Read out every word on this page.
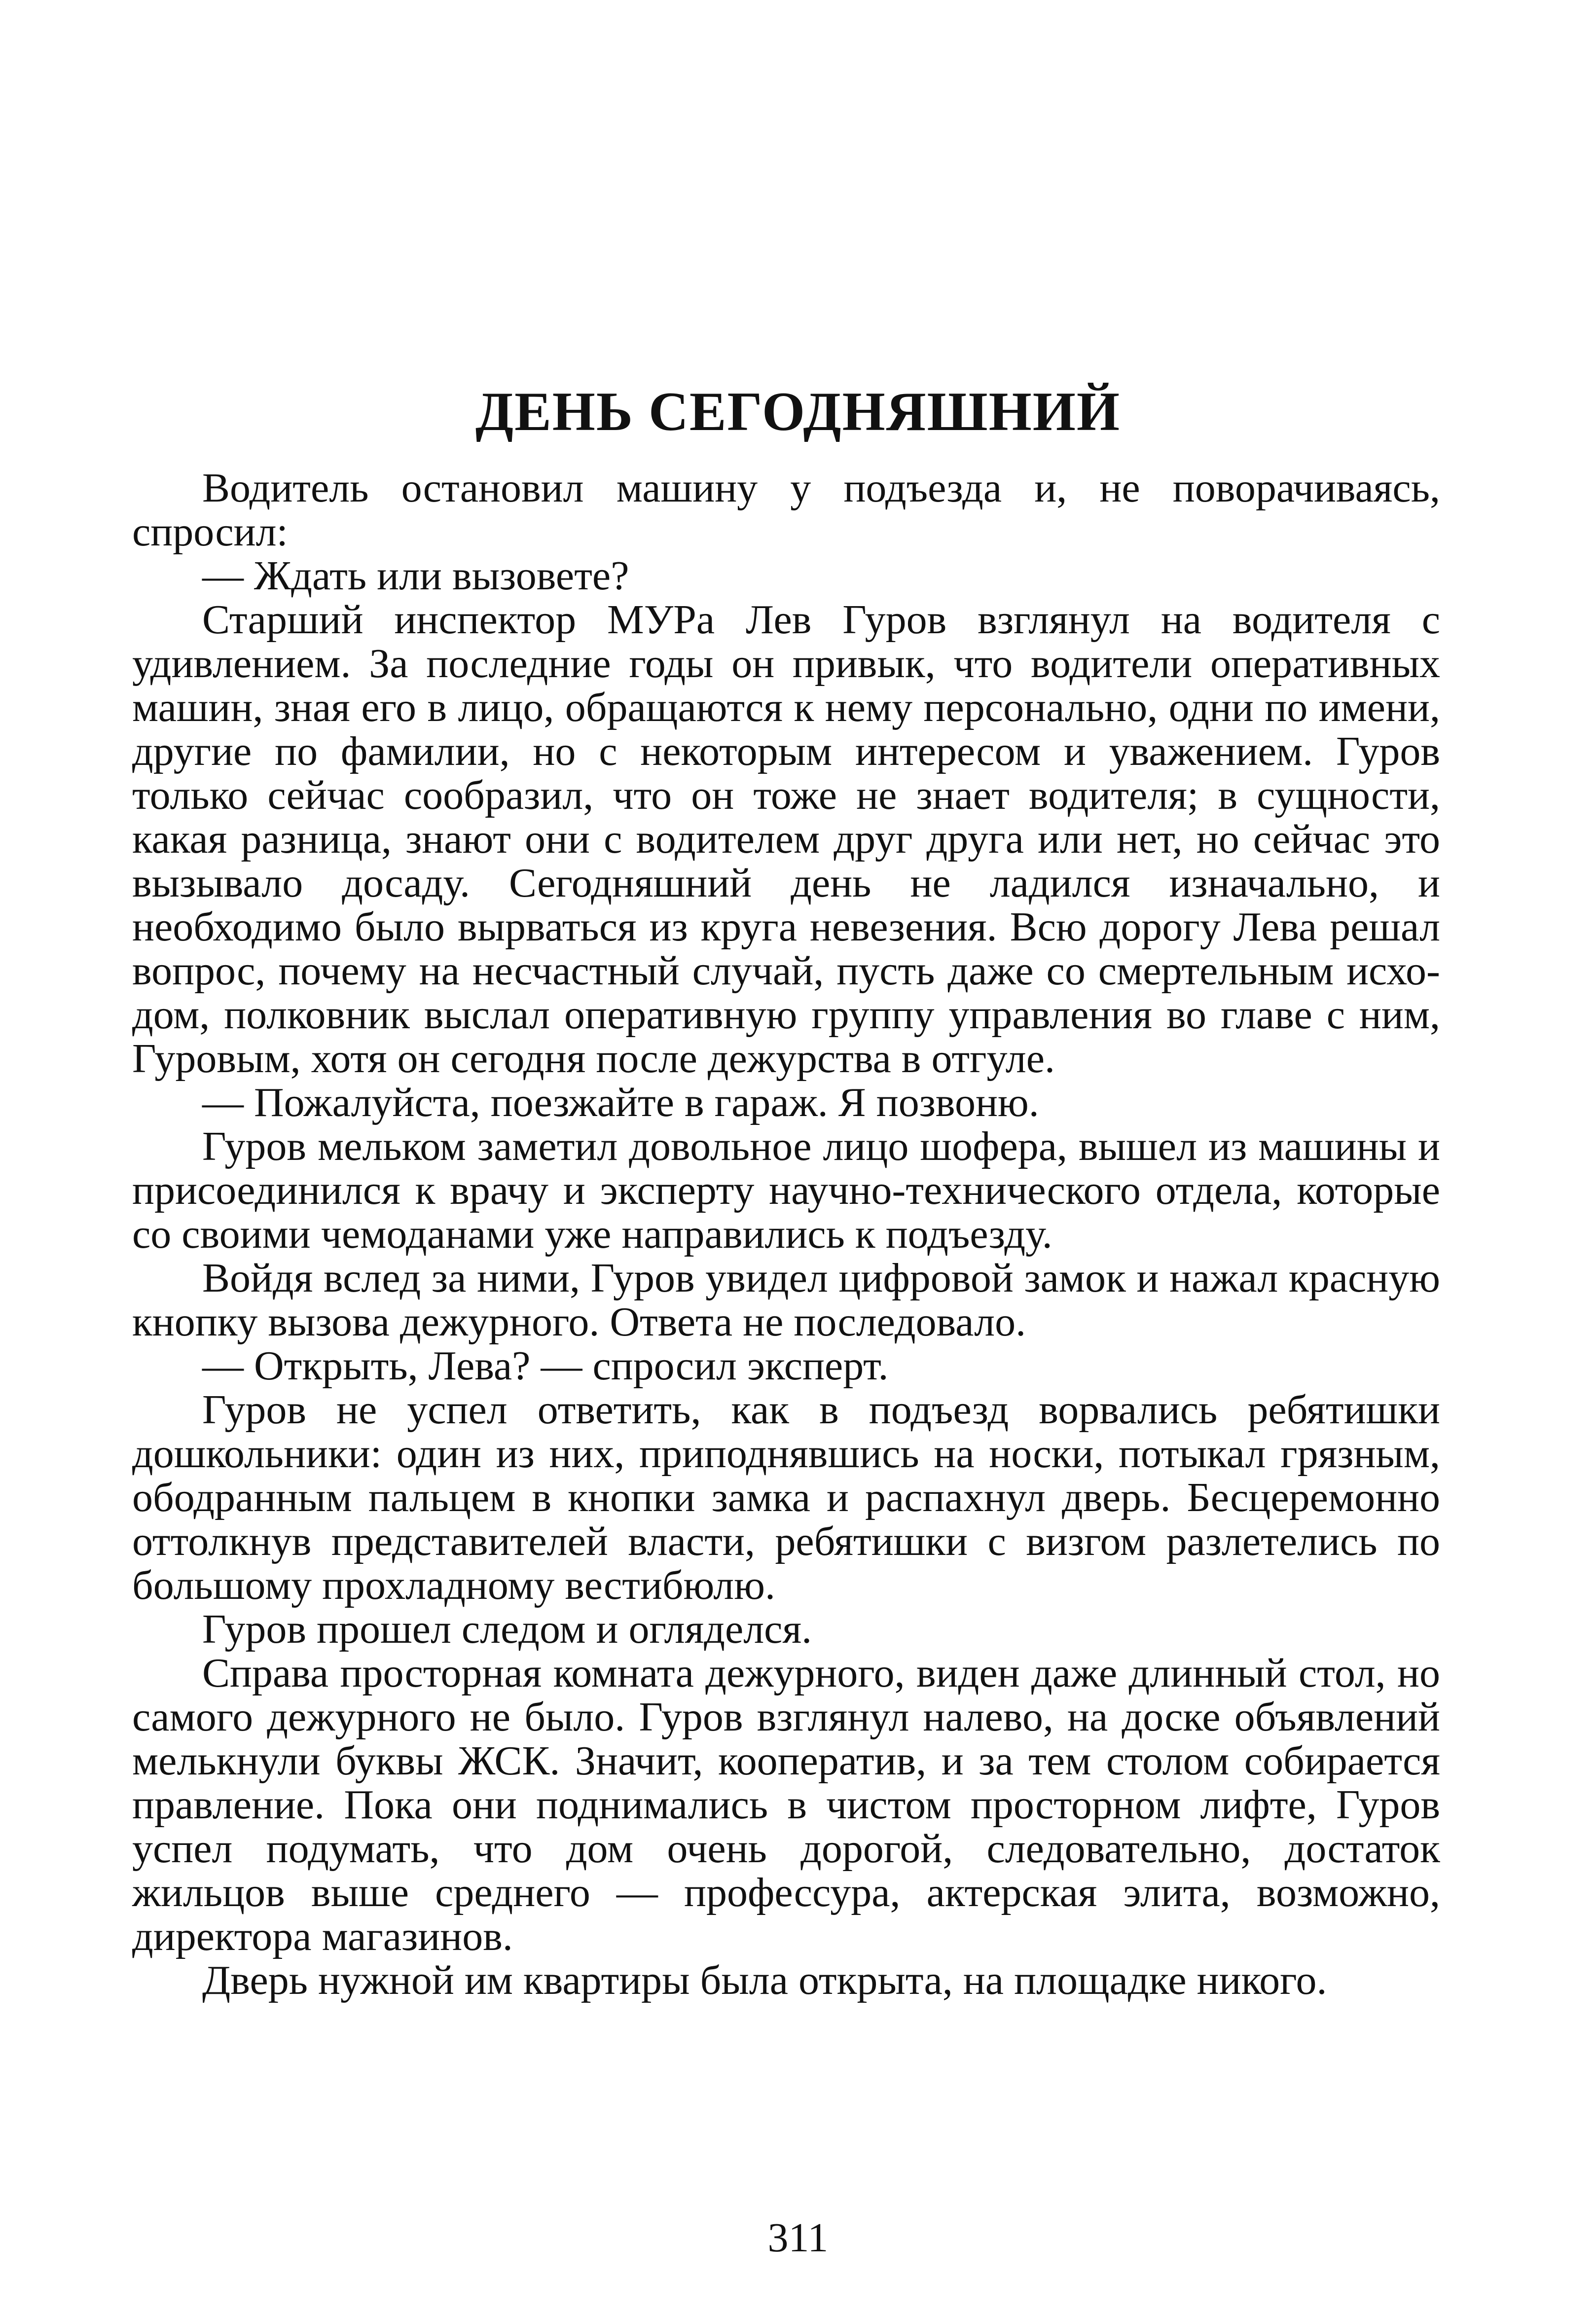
ДЕНЬ СЕГОДНЯШНИЙ

Водитель остановил машину у подъезда и, не поворачиваясь, спросил:

— Ждать или вызовете?

Старший инспектор МУРа Лев Гуров взглянул на водителя с удивлением. За последние годы он привык, что водители оперативных машин, зная его в лицо, обращаются к нему персонально, одни по имени, другие по фамилии, но с некоторым интересом и уважением. Гуров только сейчас сообразил, что он тоже не знает водителя; в сущности, какая разница, знают они с водителем друг друга или нет, но сейчас это вызывало досаду. Сегодняшний день не ладился изначально, и необходимо было вырваться из круга невезения. Всю дорогу Лева решал вопрос, почему на несчастный случай, пусть даже со смертельным исходом, полковник выслал оперативную группу управления во главе с ним, Гуровым, хотя он сегодня после дежурства в отгуле.

— Пожалуйста, поезжайте в гараж. Я позвоню.

Гуров мельком заметил довольное лицо шофера, вышел из машины и присоединился к врачу и эксперту научно-технического отдела, которые со своими чемоданами уже направились к подъезду.

Войдя вслед за ними, Гуров увидел цифровой замок и нажал красную кнопку вызова дежурного. Ответа не последовало.

— Открыть, Лева? — спросил эксперт.

Гуров не успел ответить, как в подъезд ворвались ребятишки дошкольники: один из них, приподнявшись на носки, потыкал грязным, ободранным пальцем в кнопки замка и распахнул дверь. Бесцеремонно оттолкнув представителей власти, ребятишки с визгом разлетелись по большому прохладному вестибюлю.

Гуров прошел следом и огляделся.

Справа просторная комната дежурного, виден даже длинный стол, но самого дежурного не было. Гуров взглянул налево, на доске объявлений мелькнули буквы ЖСК. Значит, кооператив, и за тем столом собирается правление. Пока они поднимались в чистом просторном лифте, Гуров успел подумать, что дом очень дорогой, следовательно, достаток жильцов выше среднего — профессура, актерская элита, возможно, директора магазинов.

Дверь нужной им квартиры была открыта, на площадке никого.

311
